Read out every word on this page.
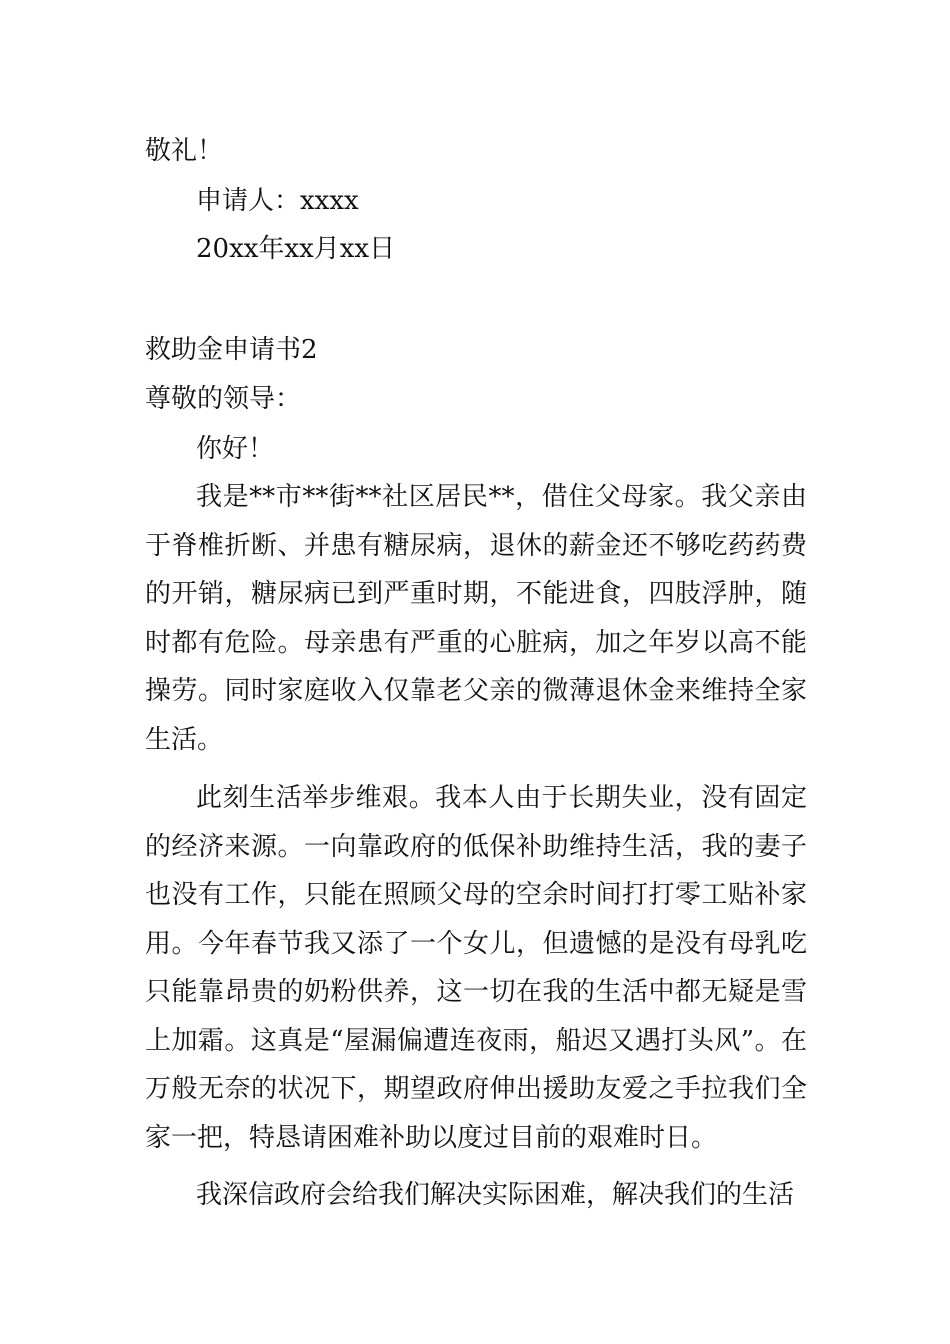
敬礼！
申请人：xxxx
20xx年xx月xx日
救助金申请书2
尊敬的领导：
你好！

我是**市**街**社区居民**，借住父母家。我父亲由于脊椎折断、并患有糖尿病，退休的薪金还不够吃药药费的开销，糖尿病已到严重时期，不能进食，四肢浮肿，随时都有危险。母亲患有严重的心脏病，加之年岁以高不能操劳。同时家庭收入仅靠老父亲的微薄退休金来维持全家生活。

此刻生活举步维艰。我本人由于长期失业，没有固定的经济来源。一向靠政府的低保补助维持生活，我的妻子也没有工作，只能在照顾父母的空余时间打打零工贴补家用。今年春节我又添了一个女儿，但遗憾的是没有母乳吃只能靠昂贵的奶粉供养，这一切在我的生活中都无疑是雪上加霜。这真是“屋漏偏遭连夜雨，船迟又遇打头风”。在万般无奈的状况下，期望政府伸出援助友爱之手拉我们全家一把，特恳请困难补助以度过目前的艰难时日。

我深信政府会给我们解决实际困难，解决我们的生活
